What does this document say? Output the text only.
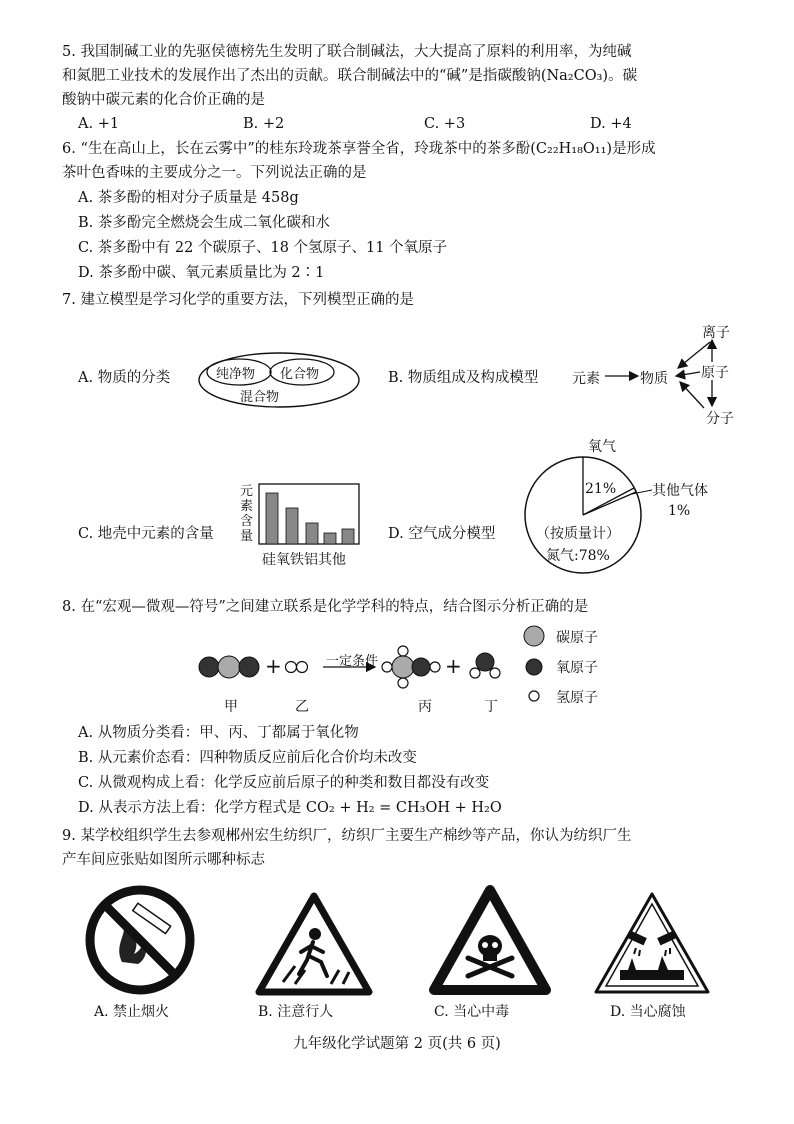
5. 我国制碱工业的先驱侯德榜先生发明了联合制碱法，大大提高了原料的利用率，为纯碱
和氮肥工业技术的发展作出了杰出的贡献。联合制碱法中的“碱”是指碳酸钠(Na₂CO₃)。碳
酸钠中碳元素的化合价正确的是
A. +1	B. +2	C. +3	D. +4
6. “生在高山上，长在云雾中”的桂东玲珑茶享誉全省，玲珑茶中的茶多酚(C₂₂H₁₈O₁₁)是形成
茶叶色香味的主要成分之一。下列说法正确的是
A. 茶多酚的相对分子质量是 458g
B. 茶多酚完全燃烧会生成二氧化碳和水
C. 茶多酚中有 22 个碳原子、18 个氢原子、11 个氧原子
D. 茶多酚中碳、氧元素质量比为 2∶1
7. 建立模型是学习化学的重要方法，下列模型正确的是
A. 物质的分类	纯净物 化合物
混合物
B. 物质组成及构成模型 元素	物质
离子
原子
分子
C. 地壳中元素的含量
元
素
含
量
硅氧铁铝其他
D. 空气成分模型
氧气
21%	其他气体
1%
（按质量计）
氮气:78%
8. 在“宏观—微观—符号”之间建立联系是化学学科的特点，结合图示分析正确的是
+	+
一定条件
甲	乙	丙	丁
碳原子
氧原子
氢原子
A. 从物质分类看：甲、丙、丁都属于氧化物
B. 从元素价态看：四种物质反应前后化合价均未改变
C. 从微观构成上看：化学反应前后原子的种类和数目都没有改变
D. 从表示方法上看：化学方程式是 CO₂ + H₂ = CH₃OH + H₂O
9. 某学校组织学生去参观郴州宏生纺织厂，纺织厂主要生产棉纱等产品，你认为纺织厂生
产车间应张贴如图所示哪种标志
A. 禁止烟火	B. 注意行人	C. 当心中毒	D. 当心腐蚀
九年级化学试题第 2 页(共 6 页)
